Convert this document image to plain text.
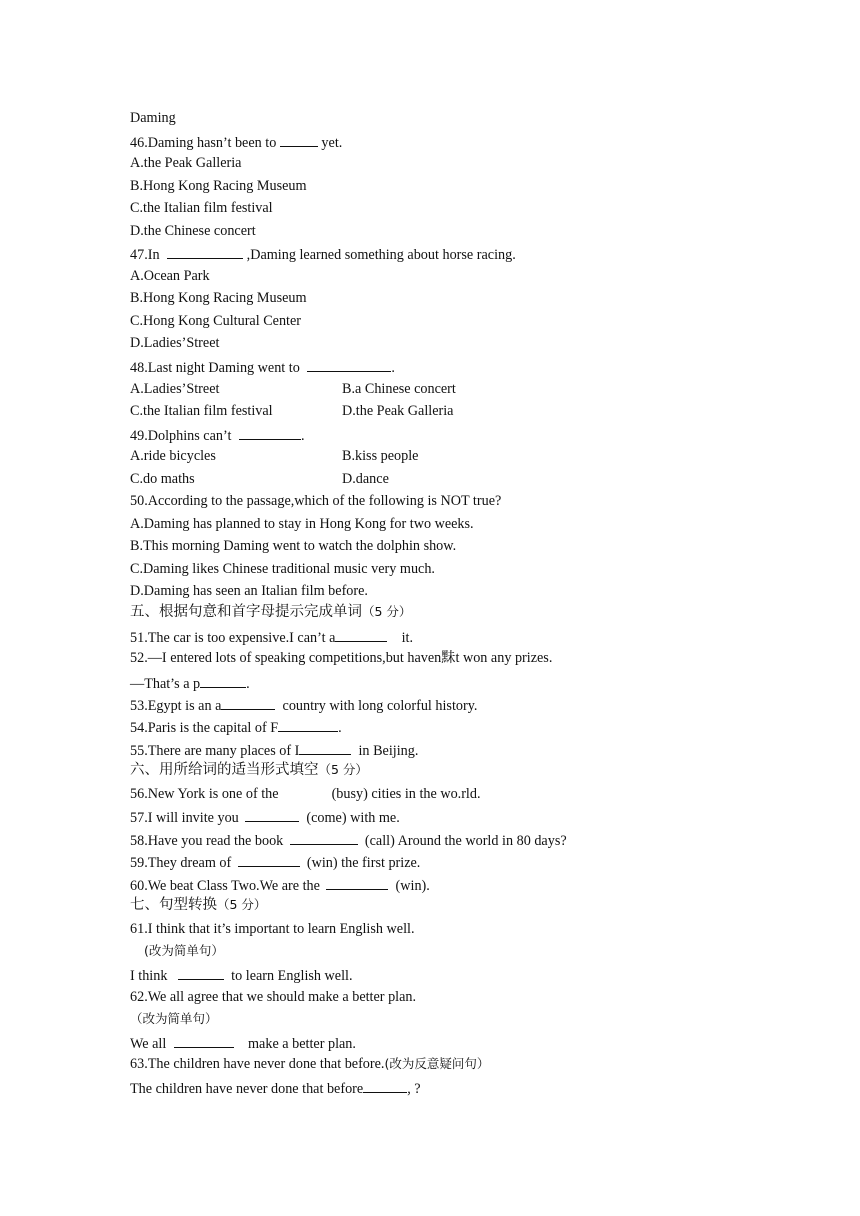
Daming
46.Daming hasn’t been to	yet.
A.the Peak Galleria
B.Hong Kong Racing Museum
C.the Italian film festival
D.the Chinese concert
47.In	,Daming learned something about horse racing.
A.Ocean Park
B.Hong Kong Racing Museum
C.Hong Kong Cultural Center
D.Ladies’Street
48.Last night Daming went to	.
A.Ladies’Street	B.a Chinese concert
C.the Italian film festival	D.the Peak Galleria
49.Dolphins can’t	.
A.ride bicycles	B.kiss people
C.do maths	D.dance
50.According to the passage,which of the following is NOT true?
A.Daming has planned to stay in Hong Kong for two weeks.
B.This morning Daming went to watch the dolphin show.
C.Daming likes Chinese traditional music very much.
D.Daming has seen an Italian film before.
五、根据句意和首字母提示完成单词（5 分）
51.The car is too expensive.I can’t a	it.
52.—I entered lots of speaking competitions,but haven䵢t won any prizes.
—That’s a p	.
53.Egypt is an a	country with long colorful history.
54.Paris is the capital of F	.
55.There are many places of I	in Beijing.
六、用所给词的适当形式填空（5 分）
56.New York is one of the	(busy) cities in the wo.rld.
57.I will invite you	(come) with me.
58.Have you read the book	(call) Around the world in 80 days?
59.They dream of	(win) the first prize.
60.We beat Class Two.We are the	(win).
七、句型转换（5 分）
61.I think that it’s important to learn English well.
(改为简单句）
I think	to learn English well.
62.We all agree that we should make a better plan.
（改为简单句）
We all	make a better plan.
63.The children have never done that before.(改为反意疑问句）
The children have never done that before	, ?
